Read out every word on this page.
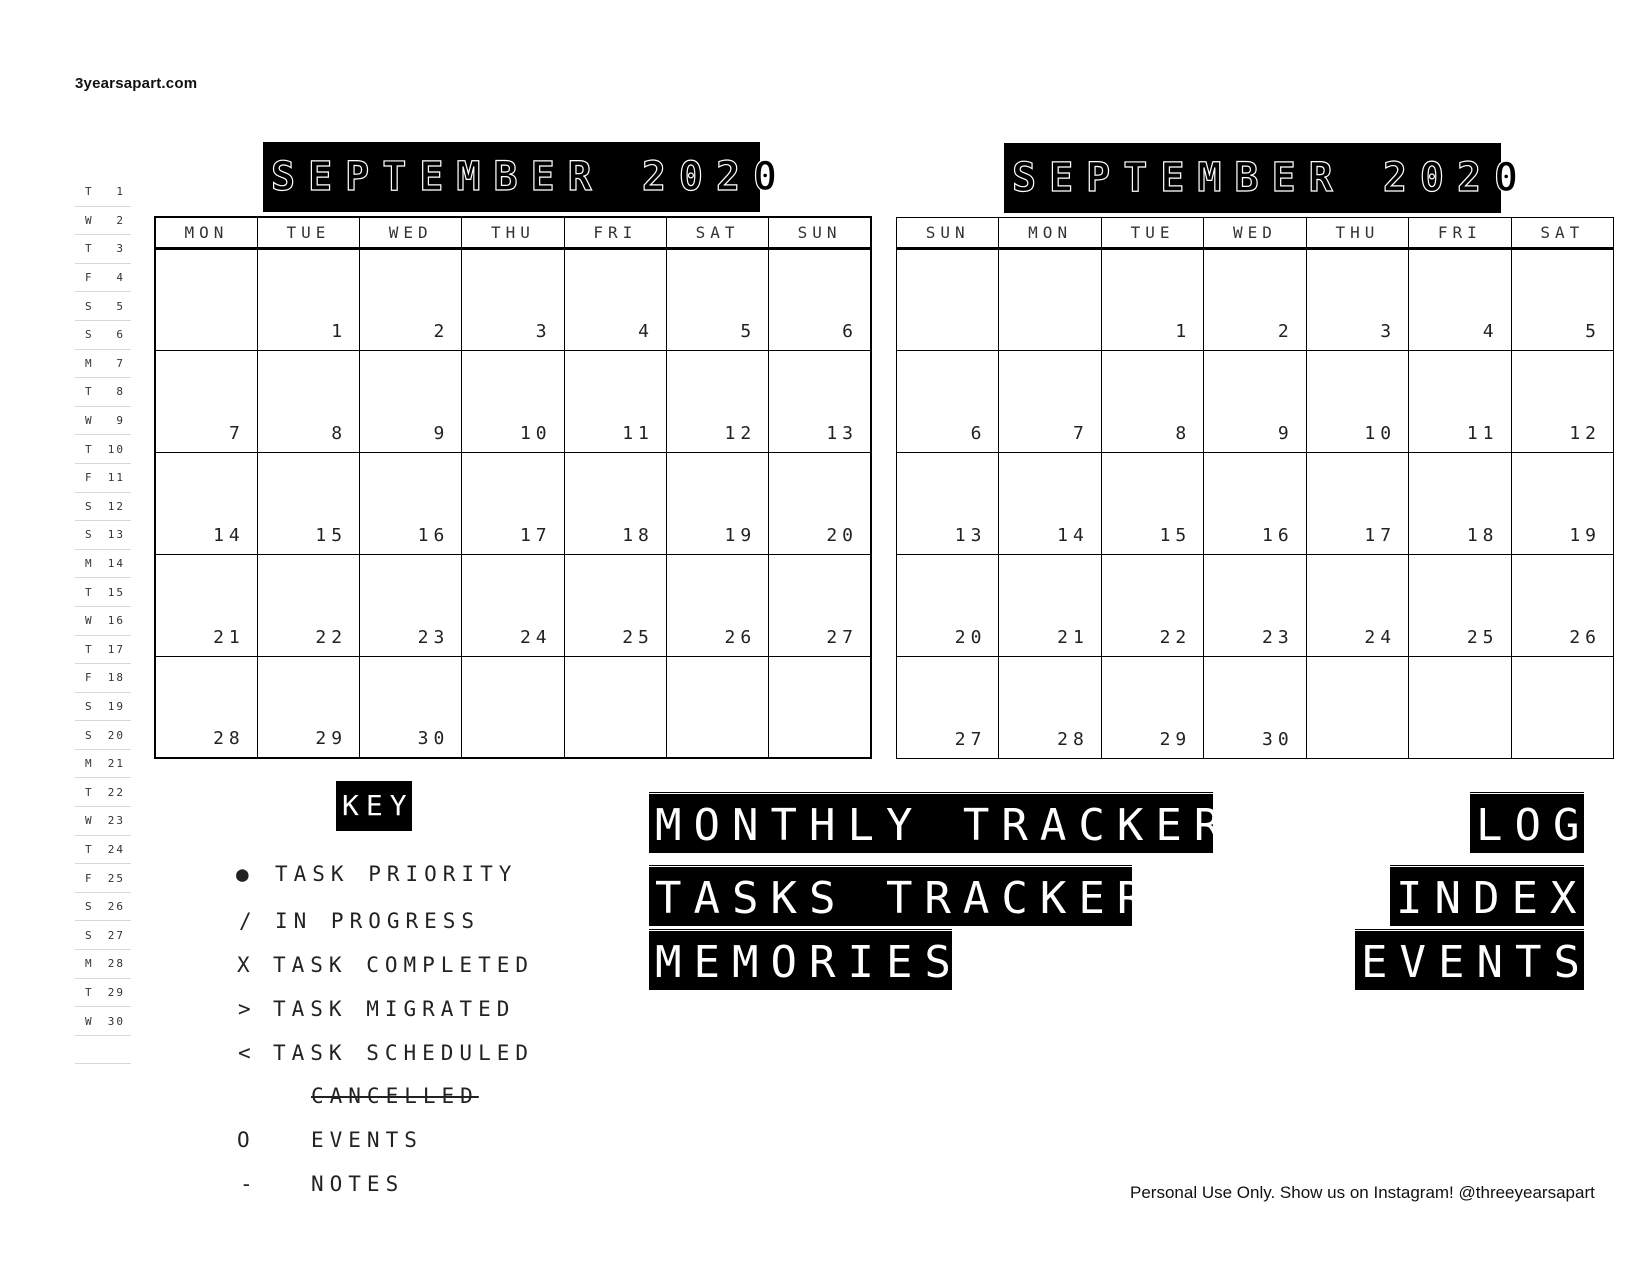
3yearsapart.com
T	1
W	2
T	3
F	4
S	5
S	6
M	7
T	8
W	9
T	10
F	11
S	12
S	13
M	14
T	15
W	16
T	17
F	18
S	19
S	20
M	21
T	22
W	23
T	24
F	25
S	26
S	27
M	28
T	29
W	30
SEPTEMBER 2020
MON	TUE	WED	THU	FRI	SAT	SUN
	1	2	3	4	5	6
7	8	9	10	11	12	13
14	15	16	17	18	19	20
21	22	23	24	25	26	27
28	29	30				
SEPTEMBER 2020
SUN	MON	TUE	WED	THU	FRI	SAT
		1	2	3	4	5
6	7	8	9	10	11	12
13	14	15	16	17	18	19
20	21	22	23	24	25	26
27	28	29	30			
KEY
● TASK PRIORITY
/ IN PROGRESS
X TASK COMPLETED
> TASK MIGRATED
< TASK SCHEDULED
CANCELLED
O	EVENTS
-	NOTES
MONTHLY TRACKER
TASKS TRACKER
MEMORIES
LOG
INDEX
EVENTS
Personal Use Only. Show us on Instagram! @threeyearsapart
